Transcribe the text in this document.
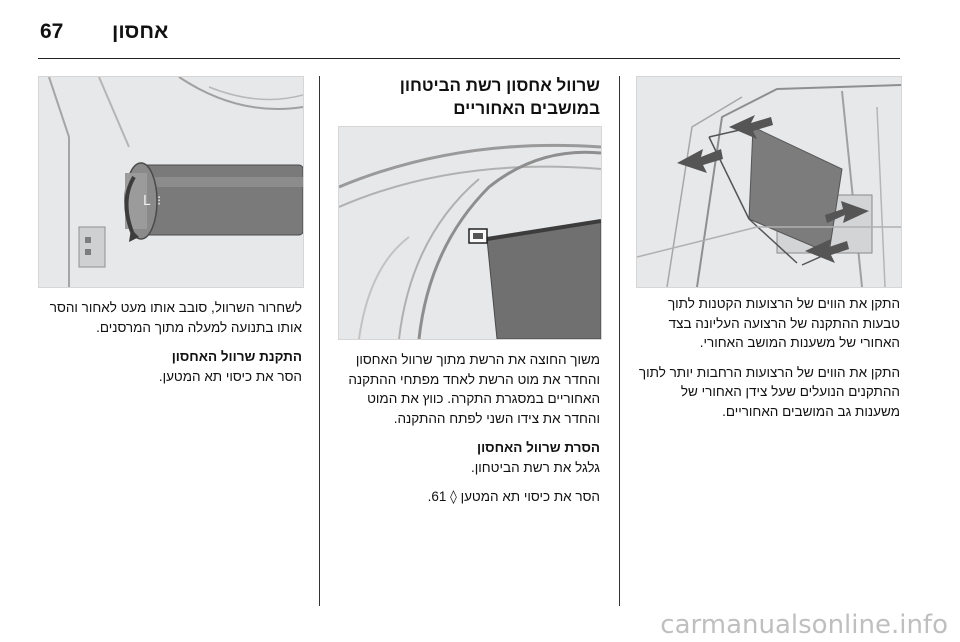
67 אחסון

התקן את הווים של הרצועות הקטנות לתוך טבעות ההתקנה של הרצועה העליונה בצד האחורי של משענות המושב האחורי.

התקן את הווים של הרצועות הרחבות יותר לתוך ההתקנים הנועלים שעל צידן האחורי של משענות גב המושבים האחוריים.

שרוול אחסון רשת הביטחון במושבים האחוריים

משוך החוצה את הרשת מתוך שרוול האחסון והחדר את מוט הרשת לאחד מפתחי ההתקנה האחוריים במסגרת התקרה. כווץ את המוט והחדר את צידו השני לפתח ההתקנה.

הסרת שרוול האחסון

גלגל את רשת הביטחון.

הסר את כיסוי תא המטען ◊ 61.

L ⁝

לשחרור השרוול, סובב אותו מעט לאחור והסר אותו בתנועה למעלה מתוך המרסנים.

התקנת שרוול האחסון

הסר את כיסוי תא המטען.

carmanualsonline.info
